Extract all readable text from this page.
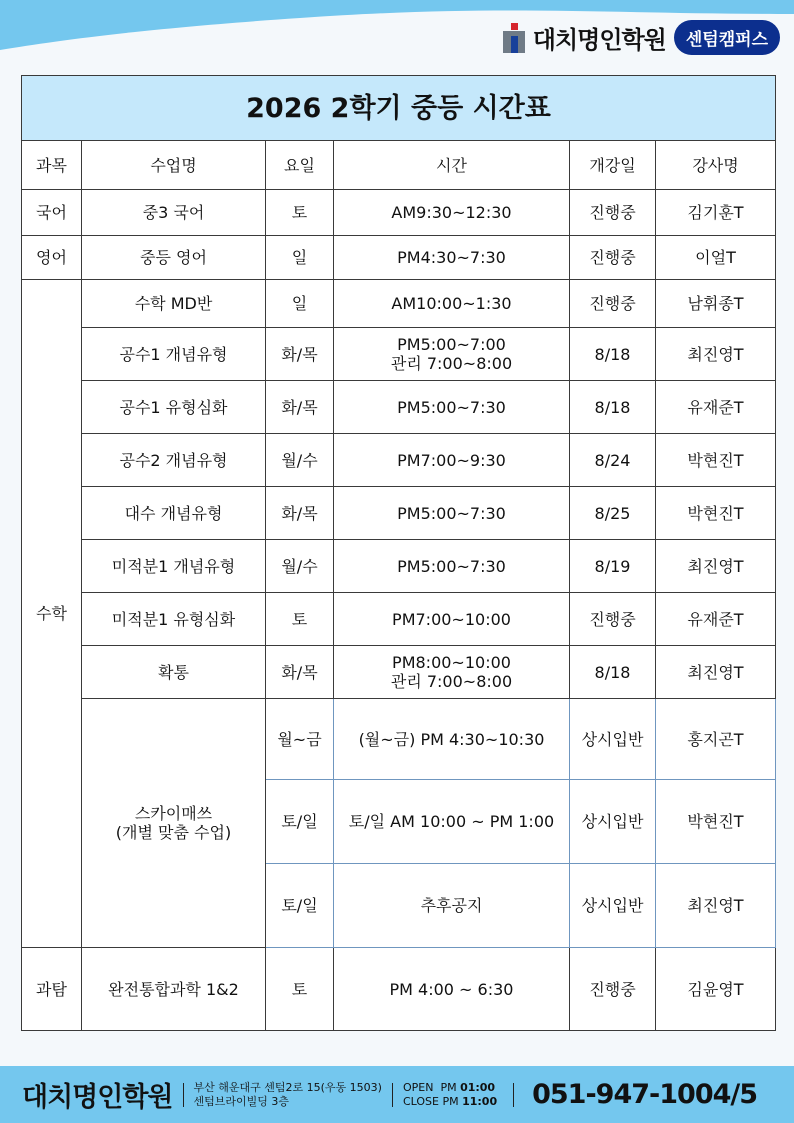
대치명인학원	센텀캠퍼스
2026 2학기 중등 시간표					
과목	수업명	요일	시간	개강일	강사명
국어	중3 국어	토	AM9:30~12:30	진행중	김기훈T
영어	중등 영어	일	PM4:30~7:30	진행중	이얼T
수학	수학 MD반	일	AM10:00~1:30	진행중	남휘종T
	공수1 개념유형	화/목	PM5:00~7:00
관리 7:00~8:00	8/18	최진영T
	공수1 유형심화	화/목	PM5:00~7:30	8/18	유재준T
	공수2 개념유형	월/수	PM7:00~9:30	8/24	박현진T
	대수 개념유형	화/목	PM5:00~7:30	8/25	박현진T
	미적분1 개념유형	월/수	PM5:00~7:30	8/19	최진영T
	미적분1 유형심화	토	PM7:00~10:00	진행중	유재준T
	확통	화/목	PM8:00~10:00
관리 7:00~8:00	8/18	최진영T

	스카이매쓰
(개별 맞춤 수업)	월~금	(월~금) PM 4:30~10:30	상시입반	홍지곤T
		토/일	토/일 AM 10:00 ~ PM 1:00	상시입반	박현진T
		토/일	추후공지	상시입반	최진영T
과탐	완전통합과학 1&2	토	PM 4:00 ~ 6:30	진행중	김윤영T
대치명인학원 부산 해운대구 센텀2로 15(우동 1503)
센텀브라이빌딩 3층
OPEN PM 01:00
CLOSE PM 11:00 051-947-1004/5
